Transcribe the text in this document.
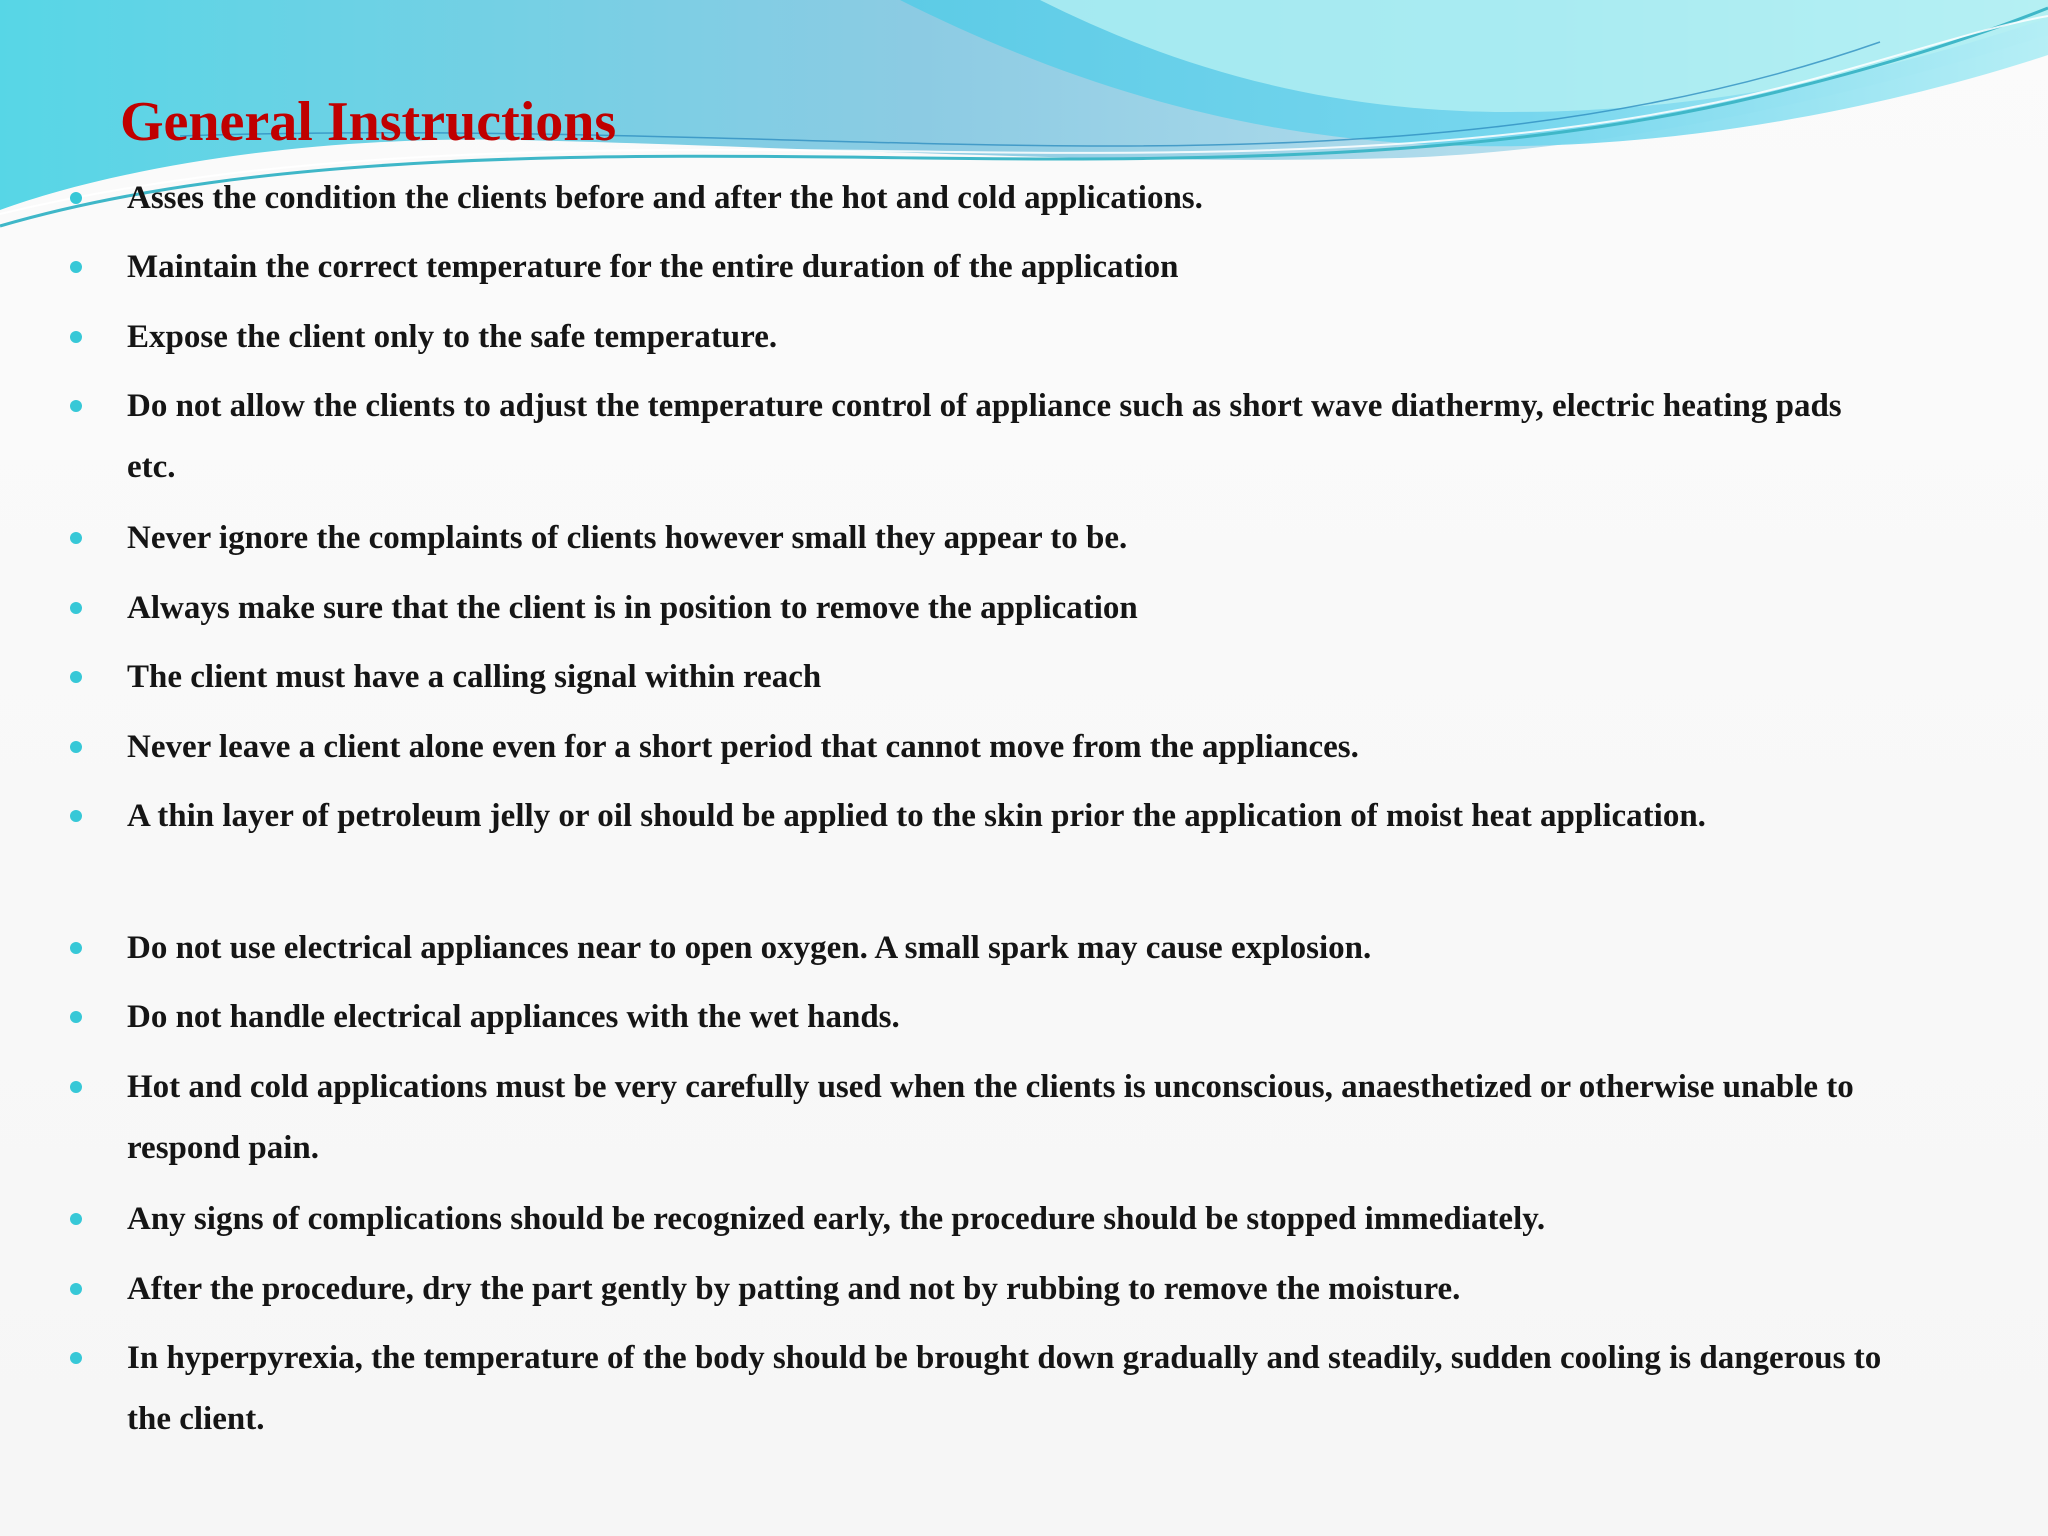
General Instructions
Asses the condition the clients before and after the hot and cold applications.
Maintain the correct temperature for the entire duration of the application
Expose the client only to the safe temperature.
Do not allow the clients to adjust the temperature control of appliance such as short wave diathermy, electric heating pads etc.
Never ignore the complaints of clients however small they appear to be.
Always make sure that the client is in position to remove the application
The client must have a calling signal within reach
Never leave a client alone even for a short period that cannot move from the appliances.
A thin layer of petroleum jelly or oil should be applied to the skin prior the application of moist heat application.
Do not use electrical appliances near to open oxygen. A small spark may cause explosion.
Do not handle electrical appliances with the wet hands.
Hot and cold applications must be very carefully used when the clients is unconscious, anaesthetized or otherwise unable to respond pain.
Any signs of complications should be recognized early, the procedure should be stopped immediately.
After the procedure, dry the part gently by patting and not by rubbing to remove the moisture.
In hyperpyrexia, the temperature of the body should be brought down gradually and steadily, sudden cooling is dangerous to the client.
